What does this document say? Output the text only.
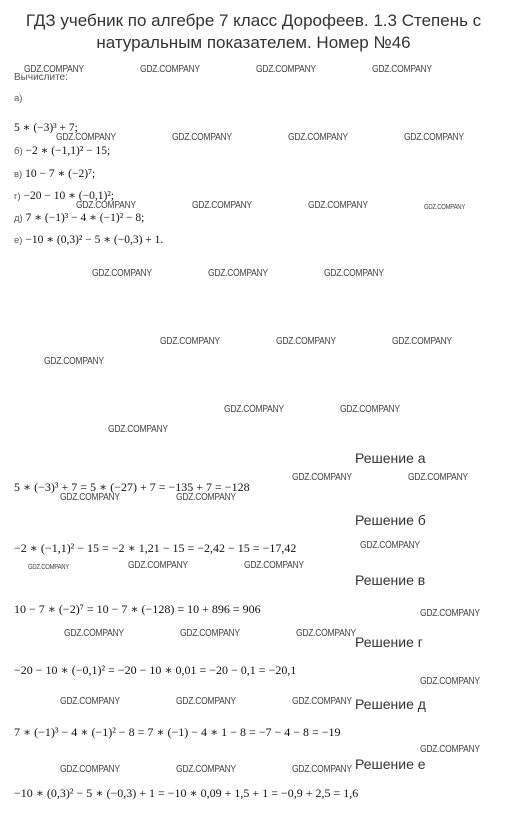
ГДЗ учебник по алгебре 7 класс Дорофеев. 1.3 Степень с натуральным показателем. Номер №46
Вычислите:
а)
5 ∗ (−3)³ + 7;
б) −2 ∗ (−1,1)² − 15;
в) 10 − 7 ∗ (−2)⁷;
г) −20 − 10 ∗ (−0,1)²;
д) 7 ∗ (−1)³ − 4 ∗ (−1)² − 8;
е) −10 ∗ (0,3)² − 5 ∗ (−0,3) + 1.
Решение а
5 ∗ (−3)³ + 7 = 5 ∗ (−27) + 7 = −135 + 7 = −128
Решение б
−2 ∗ (−1,1)² − 15 = −2 ∗ 1,21 − 15 = −2,42 − 15 = −17,42
Решение в
10 − 7 ∗ (−2)⁷ = 10 − 7 ∗ (−128) = 10 + 896 = 906
Решение г
−20 − 10 ∗ (−0,1)² = −20 − 10 ∗ 0,01 = −20 − 0,1 = −20,1
Решение д
7 ∗ (−1)³ − 4 ∗ (−1)² − 8 = 7 ∗ (−1) − 4 ∗ 1 − 8 = −7 − 4 − 8 = −19
Решение е
−10 ∗ (0,3)² − 5 ∗ (−0,3) + 1 = −10 ∗ 0,09 + 1,5 + 1 = −0,9 + 2,5 = 1,6
GDZ.COMPANY	GDZ.COMPANY	GDZ.COMPANY	GDZ.COMPANY
GDZ.COMPANY	GDZ.COMPANY	GDZ.COMPANY	GDZ.COMPANY
GDZ.COMPANY	GDZ.COMPANY	GDZ.COMPANY	GDZ.COMPANY
GDZ.COMPANY	GDZ.COMPANY	GDZ.COMPANY
GDZ.COMPANY	GDZ.COMPANY	GDZ.COMPANY
GDZ.COMPANY
GDZ.COMPANY	GDZ.COMPANY
GDZ.COMPANY
GDZ.COMPANY	GDZ.COMPANY
GDZ.COMPANY	GDZ.COMPANY
GDZ.COMPANY
GDZ.COMPANY	GDZ.COMPANY	GDZ.COMPANY
GDZ.COMPANY
GDZ.COMPANY	GDZ.COMPANY	GDZ.COMPANY
GDZ.COMPANY
GDZ.COMPANY	GDZ.COMPANY	GDZ.COMPANY
GDZ.COMPANY
GDZ.COMPANY	GDZ.COMPANY	GDZ.COMPANY
